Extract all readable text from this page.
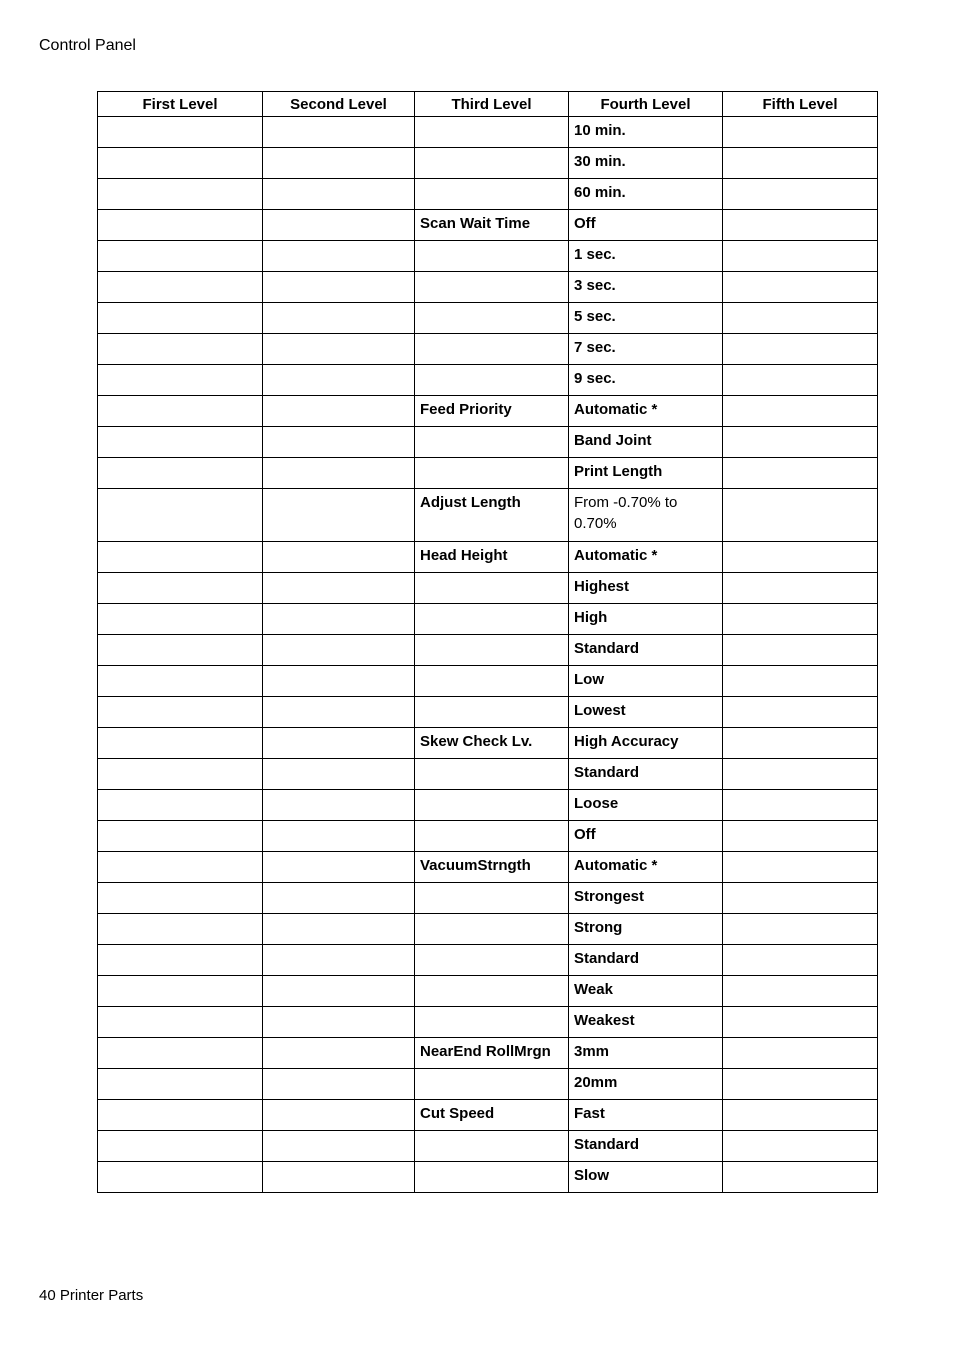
Control Panel
First Level	Second Level	Third Level	Fourth Level	Fifth Level
			10 min.	
			30 min.	
			60 min.	
		Scan Wait Time	Off	
			1 sec.	
			3 sec.	
			5 sec.	
			7 sec.	
			9 sec.	
		Feed Priority	Automatic *	
			Band Joint	
			Print Length	
		Adjust Length	From -0.70% to 0.70%	
		Head Height	Automatic *	
			Highest	
			High	
			Standard	
			Low	
			Lowest	
		Skew Check Lv.	High Accuracy	
			Standard	
			Loose	
			Off	
		VacuumStrngth	Automatic *	
			Strongest	
			Strong	
			Standard	
			Weak	
			Weakest	
		NearEnd RollMrgn	3mm	
			20mm	
		Cut Speed	Fast	
			Standard	
			Slow	
40 Printer Parts
